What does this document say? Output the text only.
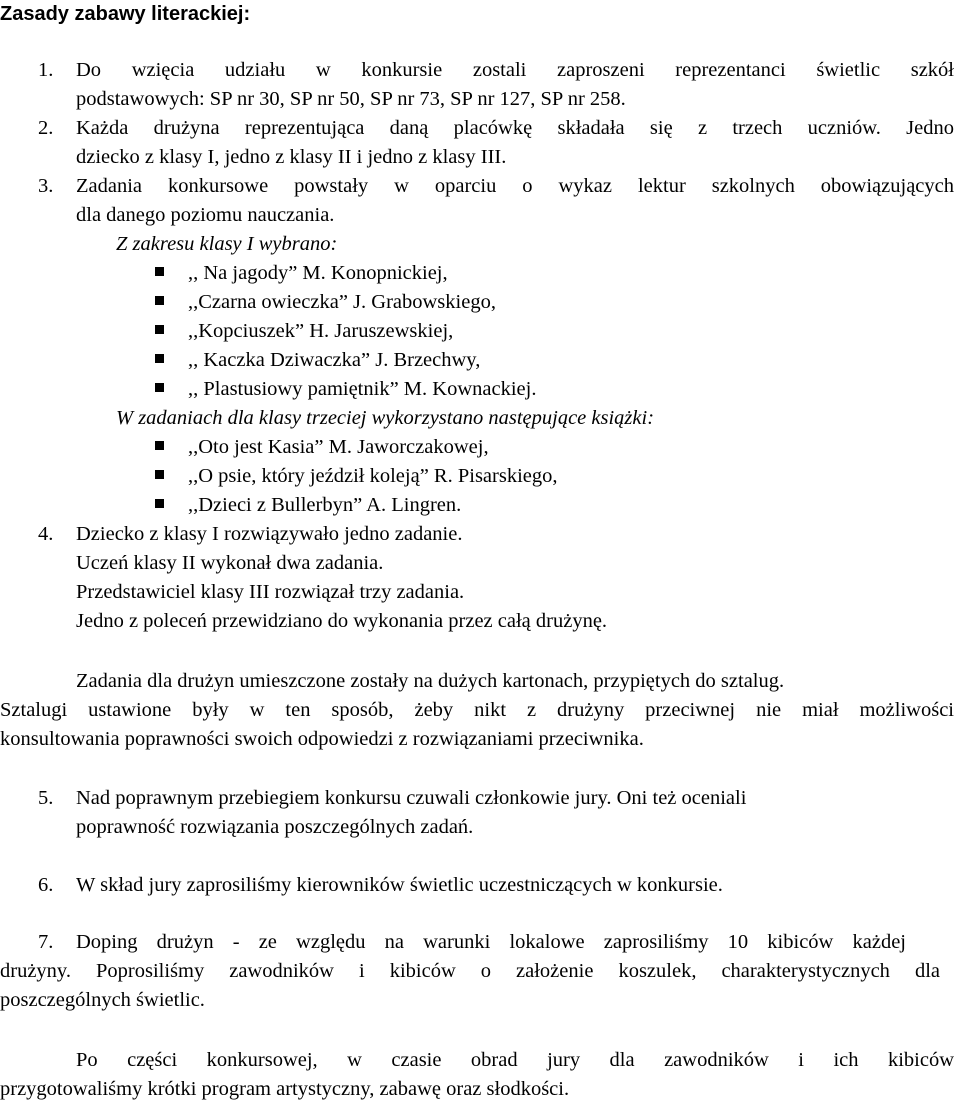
Zasady zabawy literackiej:
1. Do wzięcia udziału w konkursie zostali zaproszeni reprezentanci świetlic szkół
podstawowych: SP nr 30, SP nr 50, SP nr 73, SP nr 127, SP nr 258.
2. Każda drużyna reprezentująca daną placówkę składała się z trzech uczniów. Jedno
dziecko z klasy I, jedno z klasy II i jedno z klasy III.
3. Zadania konkursowe powstały w oparciu o wykaz lektur szkolnych obowiązujących
dla danego poziomu nauczania.
Z zakresu klasy I wybrano:
,, Na jagody” M. Konopnickiej,
,,Czarna owieczka” J. Grabowskiego,
,,Kopciuszek” H. Jaruszewskiej,
,, Kaczka Dziwaczka” J. Brzechwy,
,, Plastusiowy pamiętnik” M. Kownackiej.
W zadaniach dla klasy trzeciej wykorzystano następujące książki:
,,Oto jest Kasia” M. Jaworczakowej,
,,O psie, który jeździł koleją” R. Pisarskiego,
,,Dzieci z Bullerbyn” A. Lingren.
4. Dziecko z klasy I rozwiązywało jedno zadanie.
Uczeń klasy II wykonał dwa zadania.
Przedstawiciel klasy III rozwiązał trzy zadania.
Jedno z poleceń przewidziano do wykonania przez całą drużynę.
Zadania dla drużyn umieszczone zostały na dużych kartonach, przypiętych do sztalug.
Sztalugi ustawione były w ten sposób, żeby nikt z drużyny przeciwnej nie miał możliwości
konsultowania poprawności swoich odpowiedzi z rozwiązaniami przeciwnika.
5. Nad poprawnym przebiegiem konkursu czuwali członkowie jury. Oni też oceniali
poprawność rozwiązania poszczególnych zadań.
6. W skład jury zaprosiliśmy kierowników świetlic uczestniczących w konkursie.
7. Doping drużyn - ze względu na warunki lokalowe zaprosiliśmy 10 kibiców każdej
drużyny. Poprosiliśmy zawodników i kibiców o założenie koszulek, charakterystycznych dla
poszczególnych świetlic.
Po części konkursowej, w czasie obrad jury dla zawodników i ich kibiców
przygotowaliśmy krótki program artystyczny, zabawę oraz słodkości.
